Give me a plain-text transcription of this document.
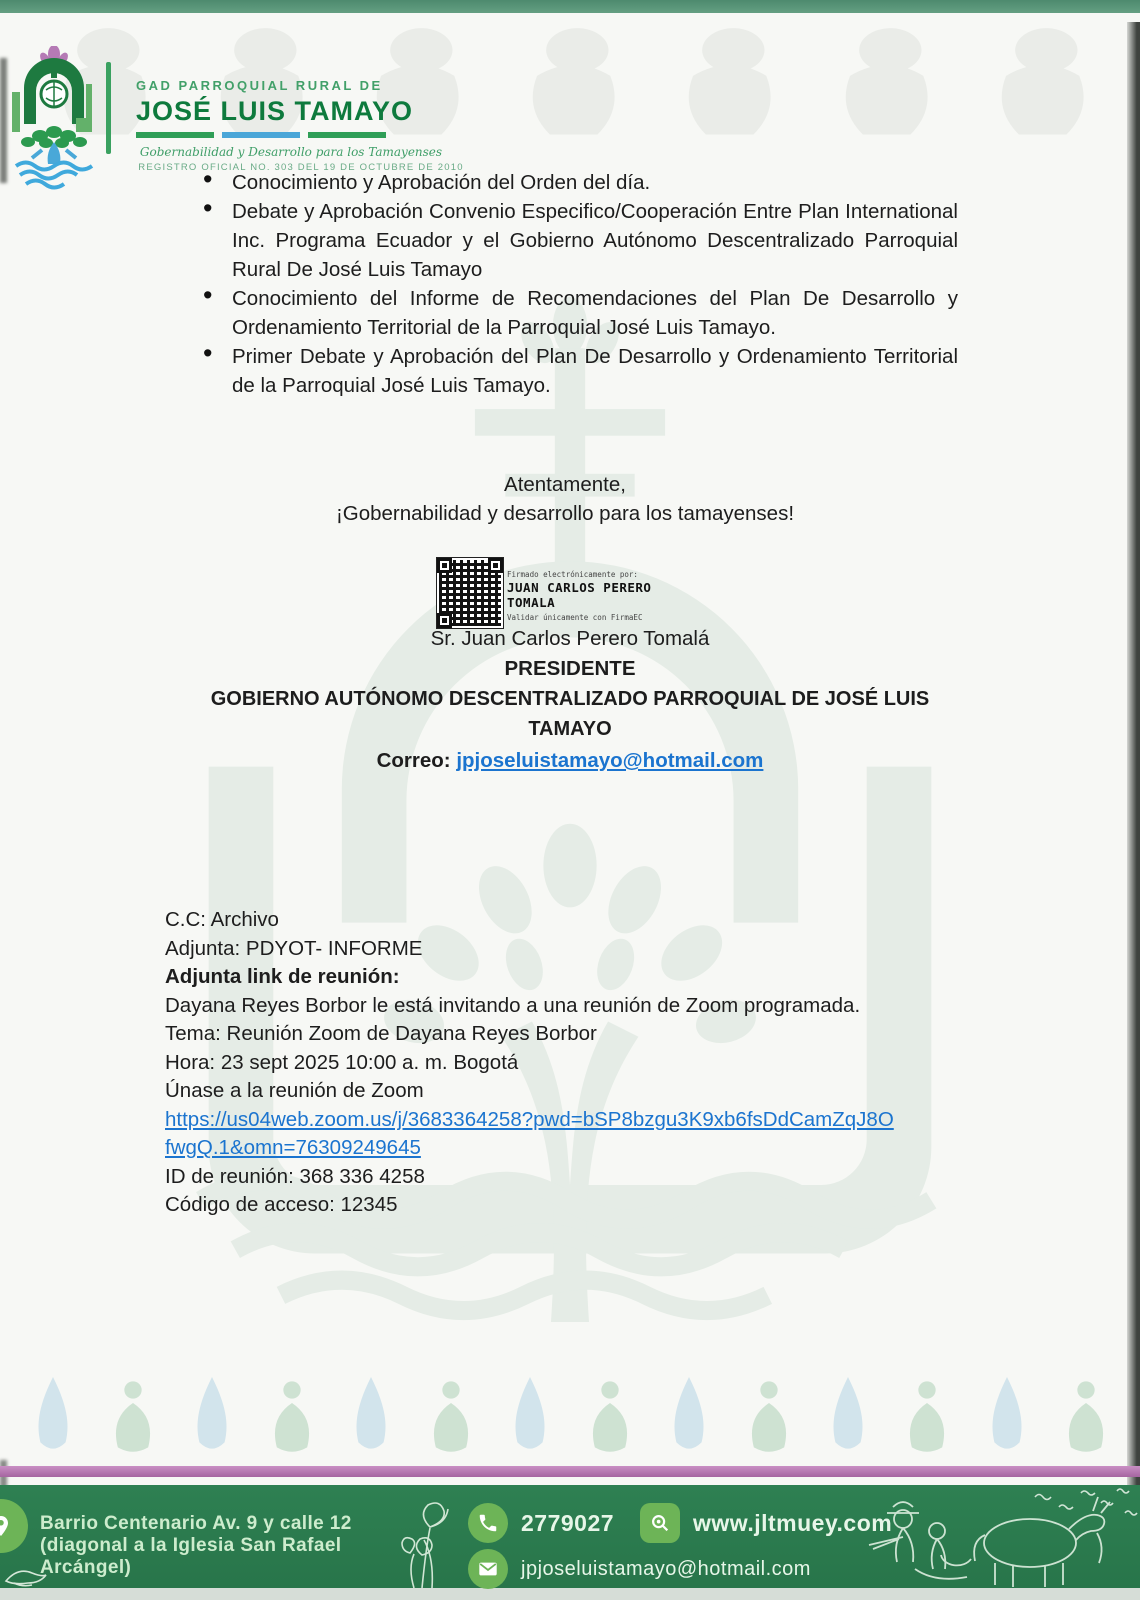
GAD PARROQUIAL RURAL DE
JOSÉ LUIS TAMAYO
Gobernabilidad y Desarrollo para los Tamayenses
REGISTRO OFICIAL NO. 303 DEL 19 DE OCTUBRE DE 2010
• Conocimiento y Aprobación del Orden del día.
• Debate y Aprobación Convenio Especifico/Cooperación Entre Plan International Inc. Programa Ecuador y el Gobierno Autónomo Descentralizado Parroquial Rural De José Luis Tamayo
• Conocimiento del Informe de Recomendaciones del Plan De Desarrollo y Ordenamiento Territorial de la Parroquial José Luis Tamayo.
• Primer Debate y Aprobación del Plan De Desarrollo y Ordenamiento Territorial de la Parroquial José Luis Tamayo.
Atentamente,
¡Gobernabilidad y desarrollo para los tamayenses!
Firmado electrónicamente por:
JUAN CARLOS PERERO TOMALA
Validar únicamente con FirmaEC
Sr. Juan Carlos Perero Tomalá
PRESIDENTE
GOBIERNO AUTÓNOMO DESCENTRALIZADO PARROQUIAL DE JOSÉ LUIS TAMAYO
Correo: jpjoseluistamayo@hotmail.com
C.C: Archivo
Adjunta: PDYOT- INFORME
Adjunta link de reunión:
Dayana Reyes Borbor le está invitando a una reunión de Zoom programada.
Tema: Reunión Zoom de Dayana Reyes Borbor
Hora: 23 sept 2025 10:00 a. m. Bogotá
Únase a la reunión de Zoom
https://us04web.zoom.us/j/3683364258?pwd=bSP8bzgu3K9xb6fsDdCamZqJ8O
fwgQ.1&omn=76309249645
ID de reunión: 368 336 4258
Código de acceso: 12345
Barrio Centenario Av. 9 y calle 12
(diagonal a la Iglesia San Rafael
Arcángel)
2779027	www.jltmuey.com
jpjoseluistamayo@hotmail.com
